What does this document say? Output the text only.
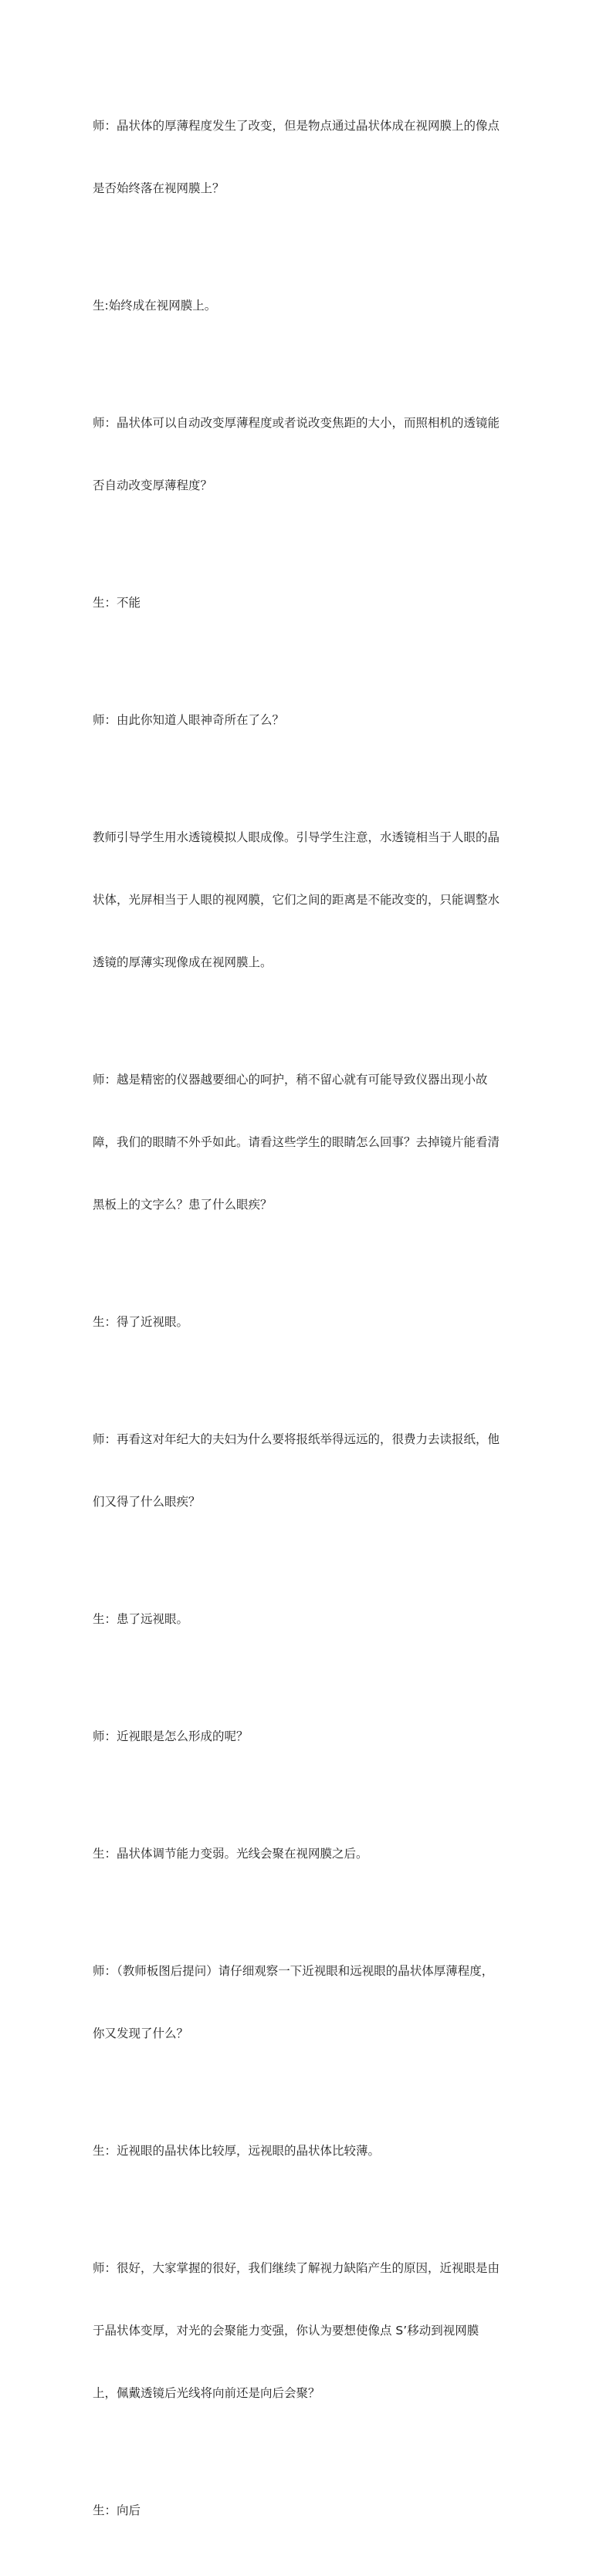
师：晶状体的厚薄程度发生了改变，但是物点通过晶状体成在视网膜上的像点

是否始终落在视网膜上？

生:始终成在视网膜上。

师：晶状体可以自动改变厚薄程度或者说改变焦距的大小，而照相机的透镜能

否自动改变厚薄程度？

生：不能

师：由此你知道人眼神奇所在了么？

教师引导学生用水透镜模拟人眼成像。引导学生注意，水透镜相当于人眼的晶

状体，光屏相当于人眼的视网膜，它们之间的距离是不能改变的，只能调整水

透镜的厚薄实现像成在视网膜上。

师：越是精密的仪器越要细心的呵护，稍不留心就有可能导致仪器出现小故

障，我们的眼睛不外乎如此。请看这些学生的眼睛怎么回事？去掉镜片能看清

黑板上的文字么？患了什么眼疾？

生：得了近视眼。

师：再看这对年纪大的夫妇为什么要将报纸举得远远的，很费力去读报纸，他

们又得了什么眼疾？

生：患了远视眼。

师：近视眼是怎么形成的呢？

生：晶状体调节能力变弱。光线会聚在视网膜之后。

师：（教师板图后提问）请仔细观察一下近视眼和远视眼的晶状体厚薄程度，

你又发现了什么？

生：近视眼的晶状体比较厚，远视眼的晶状体比较薄。

师：很好，大家掌握的很好，我们继续了解视力缺陷产生的原因，近视眼是由

于晶状体变厚，对光的会聚能力变强，你认为要想使像点 S’移动到视网膜

上，佩戴透镜后光线将向前还是向后会聚？

生：向后
